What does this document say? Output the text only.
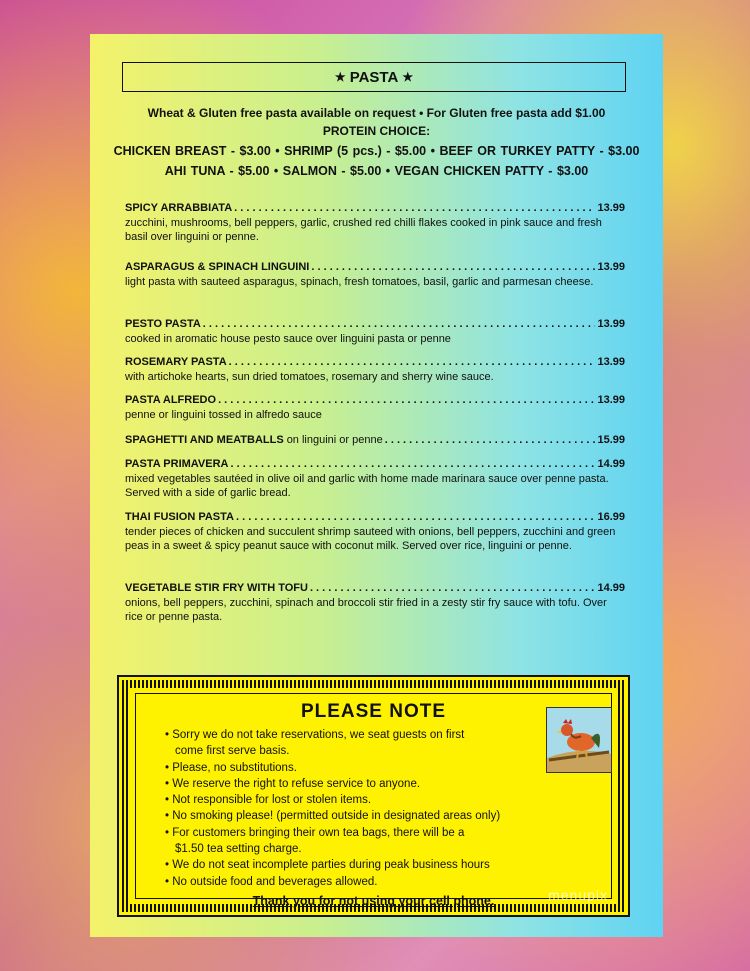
★ PASTA ★
Wheat & Gluten free pasta available on request • For Gluten free pasta add $1.00
PROTEIN CHOICE:
CHICKEN BREAST - $3.00 • SHRIMP (5 pcs.) - $5.00 • BEEF OR TURKEY PATTY - $3.00
AHI TUNA - $5.00 • SALMON - $5.00 • VEGAN CHICKEN PATTY - $3.00
SPICY ARRABBIATA . . .	13.99
zucchini, mushrooms, bell peppers, garlic, crushed red chilli flakes cooked in pink sauce and fresh basil over linguini or penne.
ASPARAGUS & SPINACH LINGUINI . . .	13.99
light pasta with sauteed asparagus, spinach, fresh tomatoes, basil, garlic and parmesan cheese.
PESTO PASTA . . .	13.99
cooked in aromatic house pesto sauce over linguini pasta or penne
ROSEMARY PASTA . . .	13.99
with artichoke hearts, sun dried tomatoes, rosemary and sherry wine sauce.
PASTA ALFREDO . . .	13.99
penne or linguini tossed in alfredo sauce
SPAGHETTI AND MEATBALLS on linguini or penne . . .	15.99
PASTA PRIMAVERA . . .	14.99
mixed vegetables sautéed in olive oil and garlic with home made marinara sauce over penne pasta. Served with a side of garlic bread.
THAI FUSION PASTA . . .	16.99
tender pieces of chicken and succulent shrimp sauteed with onions, bell peppers, zucchini and green peas in a sweet & spicy peanut sauce with coconut milk. Served over rice, linguini or penne.
VEGETABLE STIR FRY WITH TOFU . . .	14.99
onions, bell peppers, zucchini, spinach and broccoli stir fried in a zesty stir fry sauce with tofu. Over rice or penne pasta.
PLEASE NOTE
• Sorry we do not take reservations, we seat guests on first
come first serve basis.
• Please, no substitutions.
• We reserve the right to refuse service to anyone.
• Not responsible for lost or stolen items.
• No smoking please! (permitted outside in designated areas only)
• For customers bringing their own tea bags, there will be a
$1.50 tea setting charge.
• We do not seat incomplete parties during peak business hours
• No outside food and beverages allowed.
Thank you for not using your cell phone.	menupix
